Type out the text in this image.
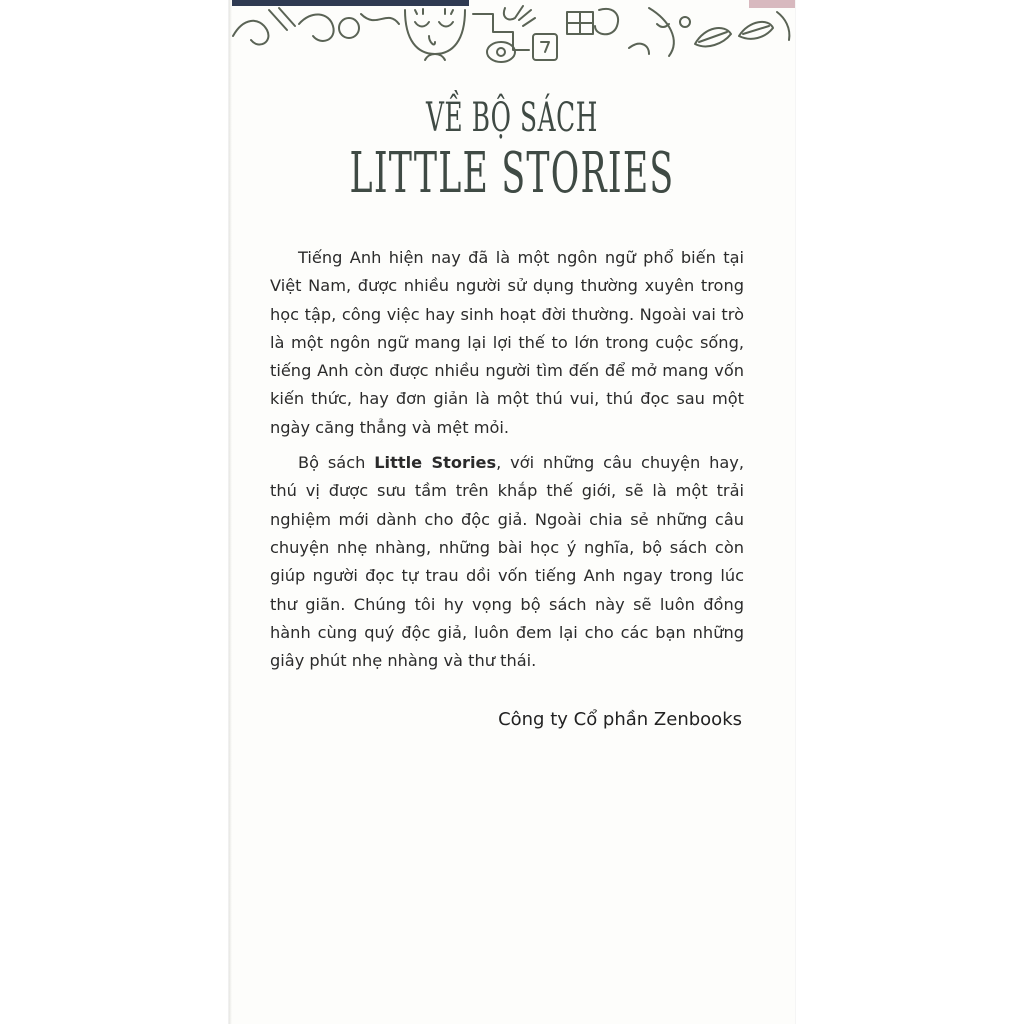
VỀ BỘ SÁCH
LITTLE STORIES

Tiếng Anh hiện nay đã là một ngôn ngữ phổ biến tại Việt Nam, được nhiều người sử dụng thường xuyên trong học tập, công việc hay sinh hoạt đời thường. Ngoài vai trò là một ngôn ngữ mang lại lợi thế to lớn trong cuộc sống, tiếng Anh còn được nhiều người tìm đến để mở mang vốn kiến thức, hay đơn giản là một thú vui, thú đọc sau một ngày căng thẳng và mệt mỏi.

Bộ sách Little Stories, với những câu chuyện hay, thú vị được sưu tầm trên khắp thế giới, sẽ là một trải nghiệm mới dành cho độc giả. Ngoài chia sẻ những câu chuyện nhẹ nhàng, những bài học ý nghĩa, bộ sách còn giúp người đọc tự trau dồi vốn tiếng Anh ngay trong lúc thư giãn. Chúng tôi hy vọng bộ sách này sẽ luôn đồng hành cùng quý độc giả, luôn đem lại cho các bạn những giây phút nhẹ nhàng và thư thái.

Công ty Cổ phần Zenbooks
